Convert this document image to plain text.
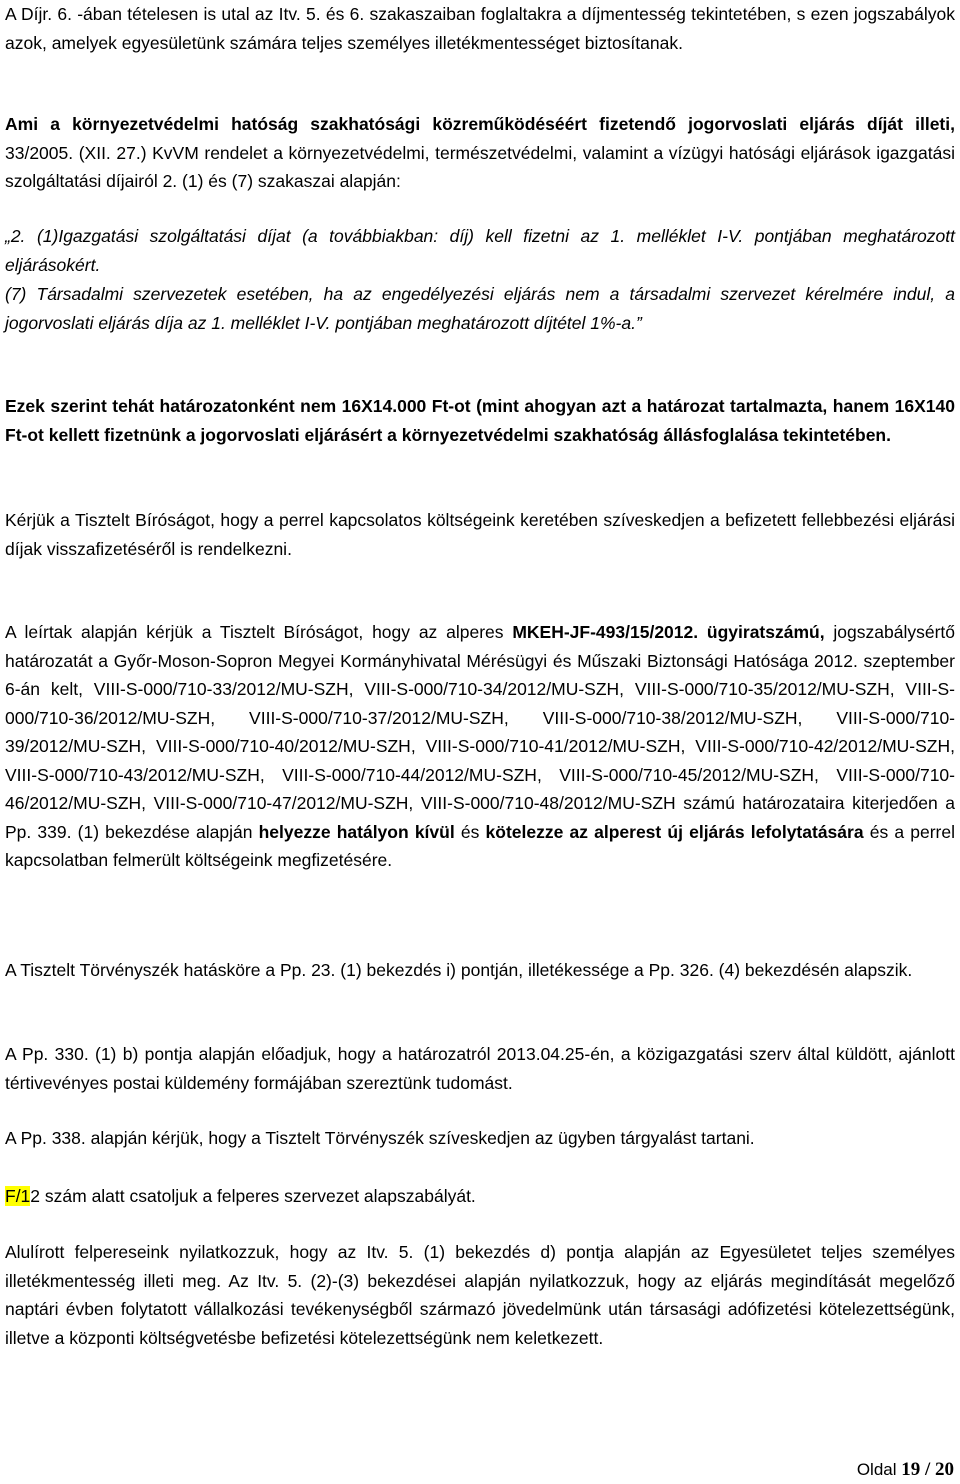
A Díjr. 6. -ában tételesen is utal az Itv. 5. és 6. szakaszaiban foglaltakra a díjmentesség tekintetében, s ezen jogszabályok azok, amelyek egyesületünk számára teljes személyes illetékmentességet biztosítanak.

Ami a környezetvédelmi hatóság szakhatósági közreműködéséért fizetendő jogorvoslati eljárás díját illeti, 33/2005. (XII. 27.) KvVM rendelet a környezetvédelmi, természetvédelmi, valamint a vízügyi hatósági eljárások igazgatási szolgáltatási díjairól 2. (1) és (7) szakaszai alapján:

„2. (1)Igazgatási szolgáltatási díjat (a továbbiakban: díj) kell fizetni az 1. melléklet I-V. pontjában meghatározott eljárásokért.

(7) Társadalmi szervezetek esetében, ha az engedélyezési eljárás nem a társadalmi szervezet kérelmére indul, a jogorvoslati eljárás díja az 1. melléklet I-V. pontjában meghatározott díjtétel 1%-a.”

Ezek szerint tehát határozatonként nem 16X14.000 Ft-ot (mint ahogyan azt a határozat tartalmazta, hanem 16X140 Ft-ot kellett fizetnünk a jogorvoslati eljárásért a környezetvédelmi szakhatóság állásfoglalása tekintetében.

Kérjük a Tisztelt Bíróságot, hogy a perrel kapcsolatos költségeink keretében szíveskedjen a befizetett fellebbezési eljárási díjak visszafizetéséről is rendelkezni.

A leírtak alapján kérjük a Tisztelt Bíróságot, hogy az alperes MKEH-JF-493/15/2012. ügyiratszámú, jogszabálysértő határozatát a Győr-Moson-Sopron Megyei Kormányhivatal Mérésügyi és Műszaki Biztonsági Hatósága 2012. szeptember 6-án kelt, VIII-S-000/710-33/2012/MU-SZH, VIII-S-000/710-34/2012/MU-SZH, VIII-S-000/710-35/2012/MU-SZH, VIII-S-000/710-36/2012/MU-SZH, VIII-S-000/710-37/2012/MU-SZH, VIII-S-000/710-38/2012/MU-SZH, VIII-S-000/710-39/2012/MU-SZH, VIII-S-000/710-40/2012/MU-SZH, VIII-S-000/710-41/2012/MU-SZH, VIII-S-000/710-42/2012/MU-SZH, VIII-S-000/710-43/2012/MU-SZH, VIII-S-000/710-44/2012/MU-SZH, VIII-S-000/710-45/2012/MU-SZH, VIII-S-000/710-46/2012/MU-SZH, VIII-S-000/710-47/2012/MU-SZH, VIII-S-000/710-48/2012/MU-SZH számú határozataira kiterjedően a Pp. 339. (1) bekezdése alapján helyezze hatályon kívül és kötelezze az alperest új eljárás lefolytatására és a perrel kapcsolatban felmerült költségeink megfizetésére.

A Tisztelt Törvényszék hatásköre a Pp. 23. (1) bekezdés i) pontján, illetékessége a Pp. 326. (4) bekezdésén alapszik.

A Pp. 330. (1) b) pontja alapján előadjuk, hogy a határozatról 2013.04.25-én, a közigazgatási szerv által küldött, ajánlott tértivevényes postai küldemény formájában szereztünk tudomást.

A Pp. 338. alapján kérjük, hogy a Tisztelt Törvényszék szíveskedjen az ügyben tárgyalást tartani.

F/12 szám alatt csatoljuk a felperes szervezet alapszabályát.

Alulírott felpereseink nyilatkozzuk, hogy az Itv. 5. (1) bekezdés d) pontja alapján az Egyesületet teljes személyes illetékmentesség illeti meg. Az Itv. 5. (2)-(3) bekezdései alapján nyilatkozzuk, hogy az eljárás megindítását megelőző naptári évben folytatott vállalkozási tevékenységből származó jövedelmünk után társasági adófizetési kötelezettségünk, illetve a központi költségvetésbe befizetési kötelezettségünk nem keletkezett.

Oldal 19 / 20
